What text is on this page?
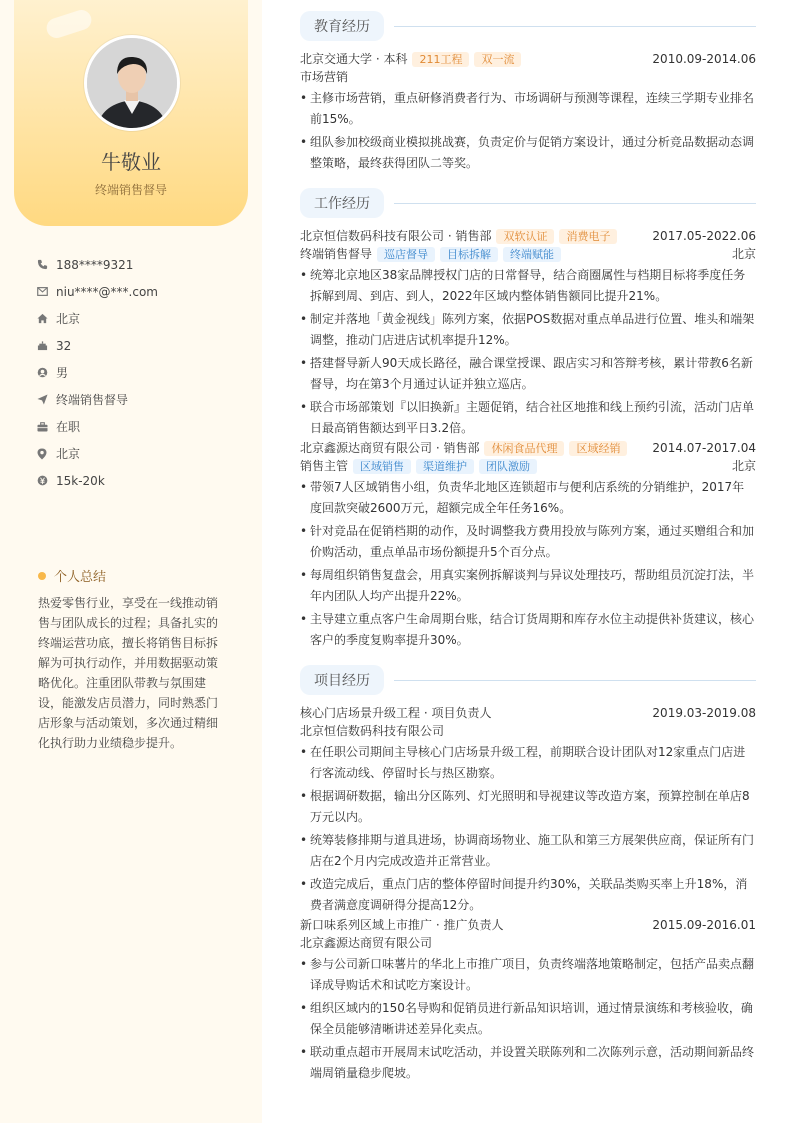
牛敬业
终端销售督导
188****9321
niu****@***.com
北京
32
男
终端销售督导
在职
北京
15k-20k
个人总结
热爱零售行业，享受在一线推动销售与团队成长的过程；具备扎实的终端运营功底，擅长将销售目标拆解为可执行动作，并用数据驱动策略优化。注重团队带教与氛围建设，能激发店员潜力，同时熟悉门店形象与活动策划，多次通过精细化执行助力业绩稳步提升。
教育经历
北京交通大学 · 本科	211工程	双一流	2010.09-2014.06
市场营销
• 主修市场营销，重点研修消费者行为、市场调研与预测等课程，连续三学期专业排名前15%。
• 组队参加校级商业模拟挑战赛，负责定价与促销方案设计，通过分析竞品数据动态调整策略，最终获得团队二等奖。
工作经历
北京恒信数码科技有限公司 · 销售部	双软认证	消费电子	2017.05-2022.06
终端销售督导	巡店督导	目标拆解	终端赋能	北京
• 统筹北京地区38家品牌授权门店的日常督导，结合商圈属性与档期目标将季度任务拆解到周、到店、到人，2022年区域内整体销售额同比提升21%。
• 制定并落地「黄金视线」陈列方案，依据POS数据对重点单品进行位置、堆头和端架调整，推动门店进店试机率提升12%。
• 搭建督导新人90天成长路径，融合课堂授课、跟店实习和答辩考核，累计带教6名新督导，均在第3个月通过认证并独立巡店。
• 联合市场部策划『以旧换新』主题促销，结合社区地推和线上预约引流，活动门店单日最高销售额达到平日3.2倍。
北京鑫源达商贸有限公司 · 销售部	休闲食品代理	区域经销	2014.07-2017.04
销售主管	区域销售	渠道维护	团队激励	北京
• 带领7人区域销售小组，负责华北地区连锁超市与便利店系统的分销维护，2017年度回款突破2600万元，超额完成全年任务16%。
• 针对竞品在促销档期的动作，及时调整我方费用投放与陈列方案，通过买赠组合和加价购活动，重点单品市场份额提升5个百分点。
• 每周组织销售复盘会，用真实案例拆解谈判与异议处理技巧，帮助组员沉淀打法，半年内团队人均产出提升22%。
• 主导建立重点客户生命周期台账，结合订货周期和库存水位主动提供补货建议，核心客户的季度复购率提升30%。
项目经历
核心门店场景升级工程 · 项目负责人	2019.03-2019.08
北京恒信数码科技有限公司
• 在任职公司期间主导核心门店场景升级工程，前期联合设计团队对12家重点门店进行客流动线、停留时长与热区勘察。
• 根据调研数据，输出分区陈列、灯光照明和导视建议等改造方案，预算控制在单店8万元以内。
• 统筹装修排期与道具进场，协调商场物业、施工队和第三方展架供应商，保证所有门店在2个月内完成改造并正常营业。
• 改造完成后，重点门店的整体停留时间提升约30%，关联品类购买率上升18%，消费者满意度调研得分提高12分。
新口味系列区域上市推广 · 推广负责人	2015.09-2016.01
北京鑫源达商贸有限公司
• 参与公司新口味薯片的华北上市推广项目，负责终端落地策略制定，包括产品卖点翻译成导购话术和试吃方案设计。
• 组织区域内的150名导购和促销员进行新品知识培训，通过情景演练和考核验收，确保全员能够清晰讲述差异化卖点。
• 联动重点超市开展周末试吃活动，并设置关联陈列和二次陈列示意，活动期间新品终端周销量稳步爬坡。
